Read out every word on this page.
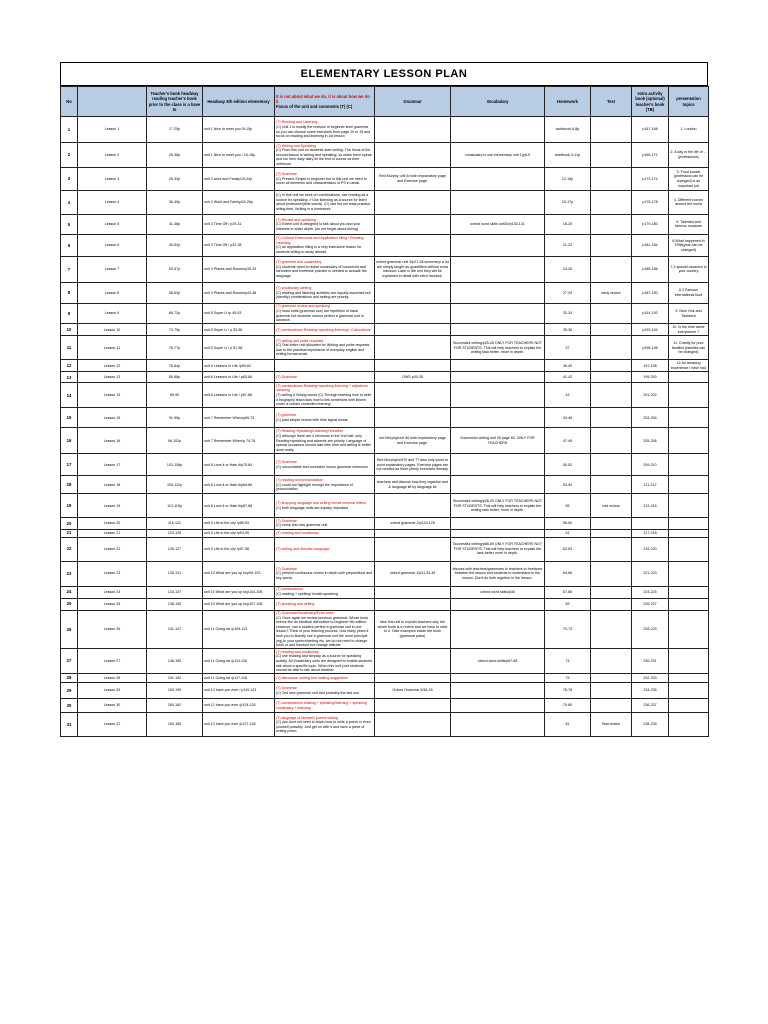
ELEMENTARY LESSON PLAN
No		Teacher's book headway reading teacher's book prior to the class is a have to	Headway 5th edition elementary	It is not about what we do, it is about how we do it
Focus of the unit and comments (T) (C)	Grammar	Vocabulary	Homework	Test	extra activity book (optional) teacher's book (TB)	presentation topics
1	Lesson 1	17-25p	unit 1 Nice to meet you /9-15p	(T) Reading and Listening
(C) Unit 1 is mostly the revision of beginner level grammar so you can choose some exercises from page 10 to 15 and focus on reading and listening in 1st lesson			workbook 6-8p		p167-168	1. London
2	Lesson 2	29-36p	unit 1 Nice to meet you / 16-18p	(T) Writing and Speaking
(C) From this unit on students start writing. The focus of the second lesson is writing and speaking, so make them speak and run their daily diary till the end of course as their notebook.		vocabulary in use elementary unit 1(p8-9	workbook 9-11p		p169-172	2. A day in the life of ... (professions)
3	Lesson 3	29-33p	unit 2 work and Family/19-24p	(T) Grammar
(C) Present Simple is beginner but in this unit we need to cover all elements and characteristics of PS in detail.	Red Murphy unit 5/ both explanatory page and Exercise page.		12-15p		p173-174	3. Food bucket (profession can be changed) is an important job
4	Lesson 4	36-40p	unit 2 Work and Family/24-26p	(C) In this unit we work on combinations, use reading as a source for speaking. // Use listening as a source for learn about profession(time words). (C) last but not least practice telling time. Writing is a homework.			15-17p		p175-178	4. Different homes around the world
5	Lesson 5	41-48p	unit 3 Time Off / p29-31	(T) Review and speaking
(C) Extent unit is designed to talk about you and your interests in wider depth. (do not forget about timing)		oxford word skills unit30/p130-131	18-20		p179-180	5. Talented and famous musician
6	Lesson 6	49-52p	unit 3 Time Off / p32-38	(T) Cultural Extensions and Application filling / Reading Listening
(C) an application filling is a very instructive lesson for students willing to study abroad.			21-23		p181-184	6.What happened in 1998(year can be changed)
7	Lesson 7	53-57p	unit 4 Places and Rooms/p39-43	(T) grammar and vocabulary
(C) students need to revisit vocabulary of household and stemcline and immense practice is needed to actuate the language	oxford grammar unit 3/p27-28 some/any/ a lot are simply taught as quantifiers without extra handout. Later in 8th unit they will be explained in detail with extra handout.		24-26		p185-186	7.3 special occasion in your country
8	Lesson 8	58-63p	unit 4 Places and Rooms/p43-48	(T) vocabulary /writing
(C) reading and listening activities are equally important but (identify) combinations and writing are priority.			27-29	early review	p187-190	8.3 Famous international food
9	Lesson 9	66-72p	unit 5 Super Li /p 49-53	(T) grammar review and speaking
(C) most units (grammar use) are repetition of basic grammar but students cannot perfect a grammar unit in advance.			32-34		p191-192	9. New York and Tashkent
10	Lesson 10	73-75p	unit 5 Super Li / p 53-56	(T) combinations Reading+speaking listening+ Collocations			35-36		p193-194	10. Is the time same everywhere ?
11	Lesson 11	76-77p	unit 5 Super Li / p 57-58	(T) writing and polite requests
(C) Test entire unit allocated for Writing and polite requests due to the practical importance of everyday english and writing formal email.		Successful writing/p25-28 ONLY FOR TEACHERS NOT FOR STUDENTS. This will help teachers to explain the writing task better, more in depth.	37		p195-196	11. Charity for poor families (families can be changed)
12	Lesson 12	78-84p	unit 6 Lessons in Life /p59-62				38-40		197-198	12.An amazing experience I have had
13	Lesson 13	85-88p	unit 6 Lessons in Life / p63-66	(T) Grammar	OWS p30-35		41-42		199-200	
14	Lesson 14	89-90	unit 6 Lessons in Life / p67-68	(T) combinations Reading+speaking listening + adjectives meaning
(T) writing & linking words (C) Through learning how to write a biography teach kids how to link sentences with linkers under a certain controlled learning.			43		201-202	
15	Lesson 15	91-95p	unit 7 Remember When/p69-73	(T) grammar
(C) past simple review with time signal words			44-46		203-204	
16	Lesson 16	96-102p	unit 7 Remember When/p 74-78	(T) Reading+Speaking/Listening+Weather
(C) although there are 4 elements in the 2nd half, only Reading+speaking and adverbs are priority. Language of special occasions should take little time and writing is better done orally.	red Murphy/unit 80 both explanatory page and Exercise page.	Successful writing unit 25 page 60. ONLY FOR TEACHERS	47-49		205-206	
17	Lesson 17	103-108p	unit 8 Love it or Hate it/p79-84	(T) Grammar
(C) uncountable and countable nouns grammar extension	Red Murphy/unit70 and 77 also only some to point explanatory pages. Exercise pages are not needed as there plenty exercises already.		50-52		209-210	
18	Lesson 18	109-112p	unit 8 Love it or Hate it/p84-86	(T) reading and pronunciation
(C) could not highlight enough the importance of pronunciation	teachers and discuss how they organise and & language kit by language kit		53-54		211-212	
19	Lesson 19	113-115p	unit 8 Love it or Hate it/p87-88	(T) shopping language and writing formal informal letters
(C) both language units are equally important		Successful writing/p28-29 ONLY FOR TEACHERS NOT FOR STUDENTS. This will help teachers to explain the writing task better, more in depth.	55	mid review	213-216	
20	Lesson 20	116-122	unit 9 Life in the city /p89-93	(T) Grammar
(C) comp first new grammar unit	oxford grammar 2/p123-125		58-60			
21	Lesson 21	123-125	unit 9 Life in the city /p94-95	(T) reading and vocabulary			61		217-218	
22	Lesson 22	126-127	unit 9 Life in the city /p97-98	(T) writing and direction language		Successful writing/p68-69 ONLY FOR TEACHERS NOT FOR STUDENTS. This will help teachers to explain the task better more in depth.	62-63		219-220	
23	Lesson 23	128-131	unit 10 What are you up to/p99-103	(T) Grammar
(C) present continuous review in depth with prepositions and key words	oxford grammar 1/p31,34-35	discuss with teachers/grammars fo teachers to freelance between the lesson and students to understand in the lesson. Don't do both together in the lesson.	64-66		221-223	
24	Lesson 24	134-137	unit 10 What are you up to/p104-106	(T) combinations
(C) reading + spelling/ breath speaking		oxford word skills/p36	67-68		224-225	
25	Lesson 25	138-140	unit 10 What are you up to/p107-108	(T) speaking and writing			69		226-227	
26	Lesson 26	141-147	unit 11 Going far /p109-113	(T) Grammar/Vocabulary/Extra uses
(C) Once again we review previous grammar. Whole book seems like as identical alternative to beginner 5th edition. However, can a student perfect a grammar unit in one lesson? Think of your learning process, how many years it took you to fluently use a grammar unit the more principle (eg) in your speech/writing etc, we do not need to change book or add handout but change attitude.	take this unit to explain teachers why the whole book is a review and we have to stick to it. Take examples inside the book (grammar parts)		70-73		228-229	
27	Lesson 27	148-150	unit 11 Going far /p114-116	(T) reading and vocabulary
(C) use reading and simplay as a source for speaking activity. All Vocabulary units are designed to enable students talk about a specific topic. When this unit your students should be able to talk about weather.		oxford word skills/p67-68	74		230-231	
28	Lesson 28	151-152	unit 11 Going far /p117-118	(T) discussion writing and making suggestion			75		232-233	
29	Lesson 29	153-159	unit 12 have you ever / p119-123	(T) Grammar
(C) 2nd new grammar unit and probably the last one.	Oxford Grammar 5/38-39		76-78		234-235	
30	Lesson 30	160-162	unit 12 have you ever /p124-126	(T) combinations reading + speaking/listening + speaking vocabulary + listening			79-80		236-237	
31	Lesson 31	163-165	unit 12 have you ever /p127-128	(T) language of farewell/ poems writing
(C) you dont not need to teach how to write a poem or even yourself possibly. Just get on with it and have a piece of writing poem.			81	final review	238-239	
